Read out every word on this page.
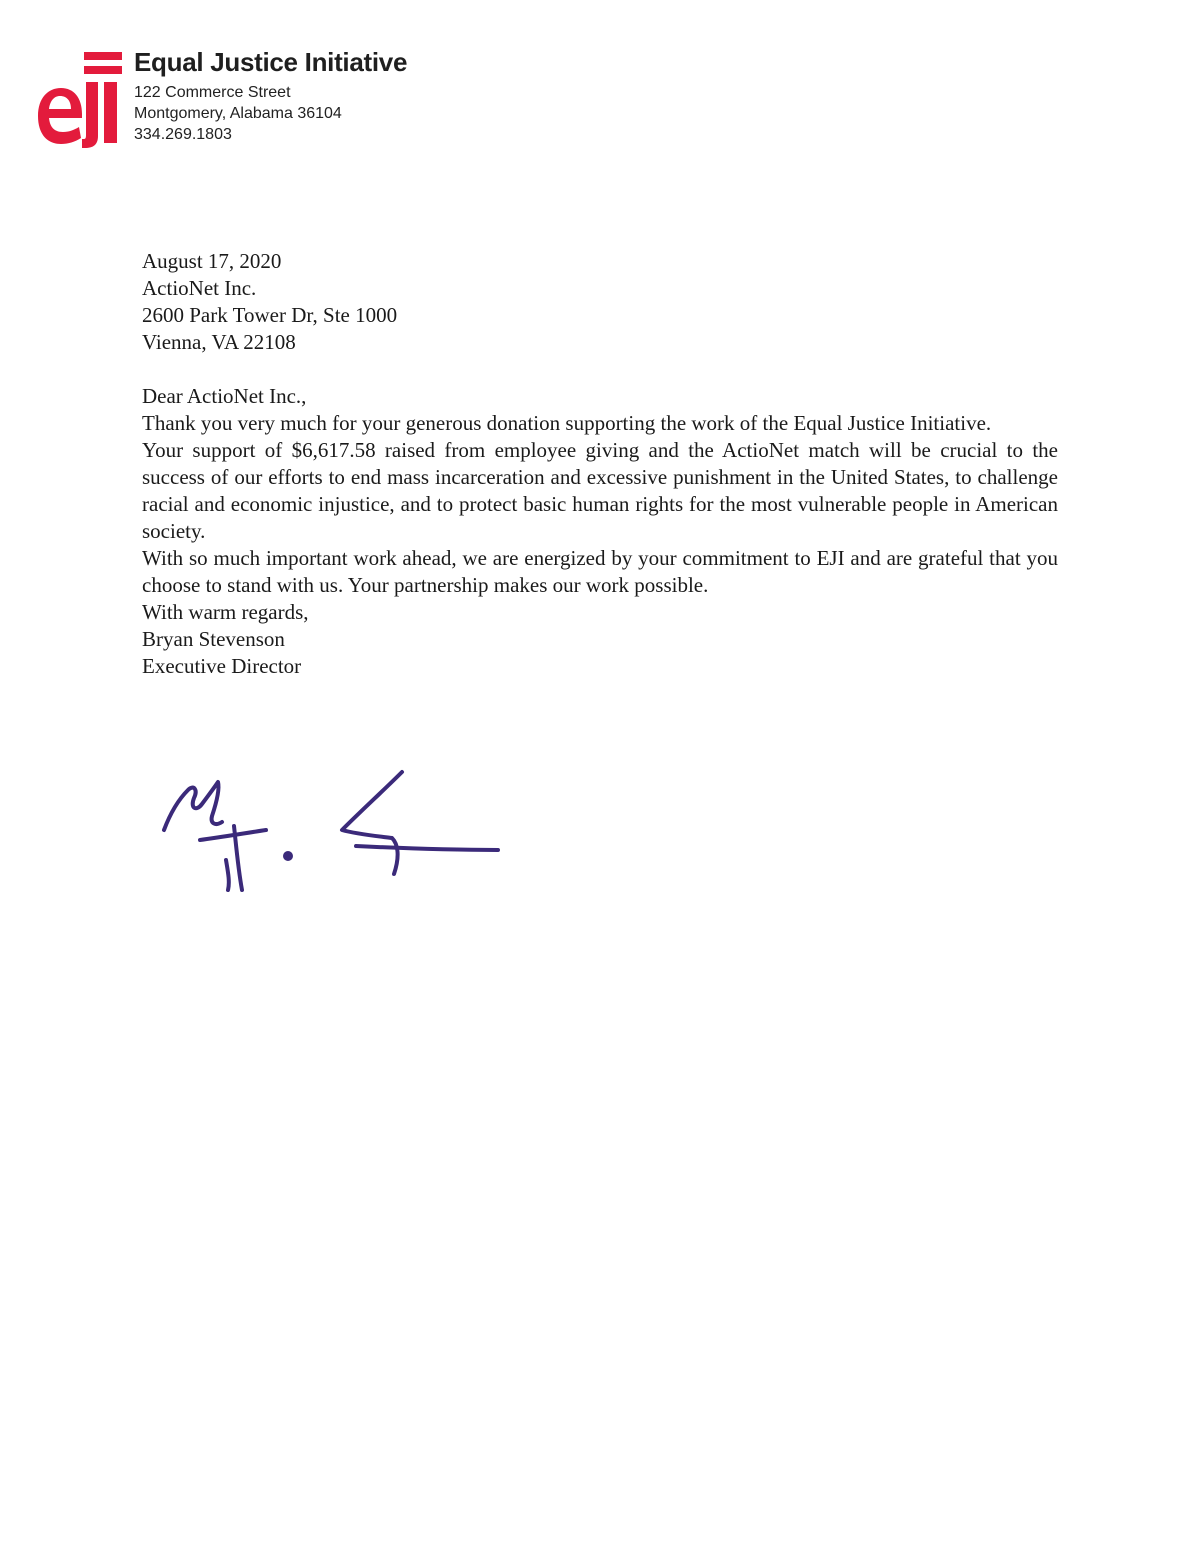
Equal Justice Initiative
122 Commerce Street
Montgomery, Alabama 36104
334.269.1803

August 17, 2020

ActioNet Inc.

2600 Park Tower Dr, Ste 1000

Vienna, VA 22108

Dear ActioNet Inc.,

Thank you very much for your generous donation supporting the work of the Equal Justice Initiative.

Your support of $6,617.58 raised from employee giving and the ActioNet match will be crucial to the success of our efforts to end mass incarceration and excessive punishment in the United States, to challenge racial and economic injustice, and to protect basic human rights for the most vulnerable people in American society.

With so much important work ahead, we are energized by your commitment to EJI and are grateful that you choose to stand with us. Your partnership makes our work possible.

With warm regards,

Bryan Stevenson

Executive Director
